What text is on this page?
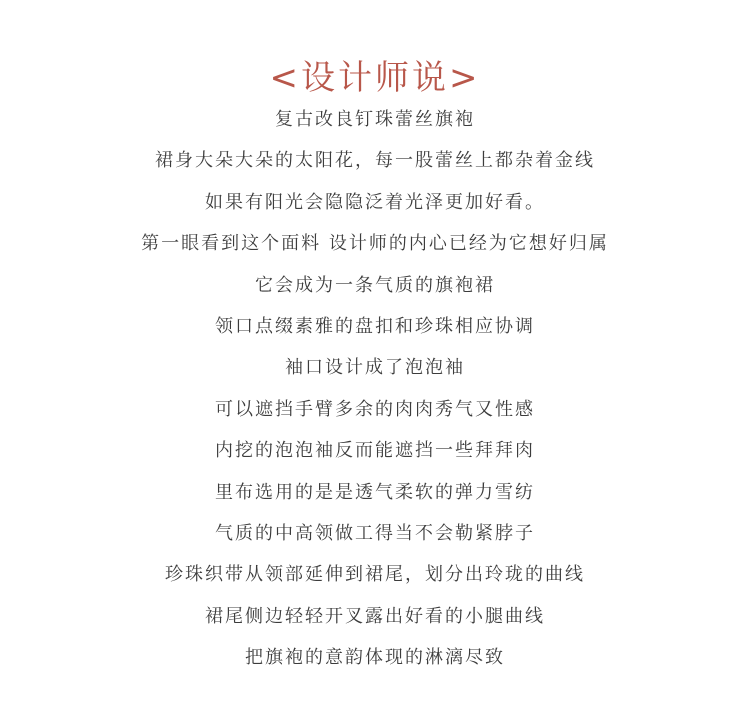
<设计师说>
复古改良钉珠蕾丝旗袍
裙身大朵大朵的太阳花，每一股蕾丝上都杂着金线
如果有阳光会隐隐泛着光泽更加好看。
第一眼看到这个面料 设计师的内心已经为它想好归属
它会成为一条气质的旗袍裙
领口点缀素雅的盘扣和珍珠相应协调
袖口设计成了泡泡袖
可以遮挡手臂多余的肉肉秀气又性感
内挖的泡泡袖反而能遮挡一些拜拜肉
里布选用的是是透气柔软的弹力雪纺
气质的中高领做工得当不会勒紧脖子
珍珠织带从领部延伸到裙尾，划分出玲珑的曲线
裙尾侧边轻轻开叉露出好看的小腿曲线
把旗袍的意韵体现的淋漓尽致
